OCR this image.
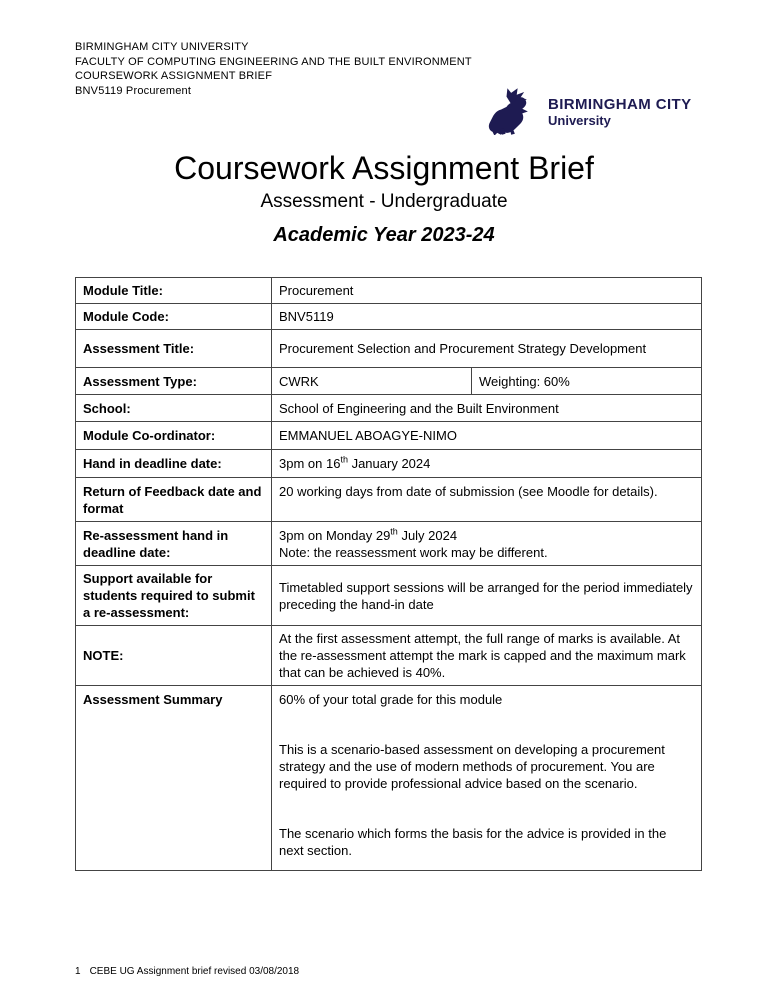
BIRMINGHAM CITY UNIVERSITY
FACULTY OF COMPUTING ENGINEERING AND THE BUILT ENVIRONMENT
COURSEWORK ASSIGNMENT BRIEF
BNV5119 Procurement
BIRMINGHAM CITY
University
Coursework Assignment Brief
Assessment - Undergraduate
Academic Year 2023-24
Module Title:	Procurement	
Module Code:	BNV5119	
Assessment Title:	Procurement Selection and Procurement Strategy Development	
Assessment Type:	CWRK	Weighting: 60%
School:	School of Engineering and the Built Environment	
Module Co-ordinator:	EMMANUEL ABOAGYE-NIMO	
Hand in deadline date:	3pm on 16th January 2024	
Return of Feedback date and format	20 working days from date of submission (see Moodle for details).	
Re-assessment hand in deadline date:	3pm on Monday 29th July 2024
Note: the reassessment work may be different.	

Support available for students required to submit a re-assessment:	Timetabled support sessions will be arranged for the period immediately preceding the hand-in date	
NOTE:	At the first assessment attempt, the full range of marks is available. At the re-assessment attempt the mark is capped and the maximum mark that can be achieved is 40%.	
Assessment Summary	60% of your total grade for this module
This is a scenario-based assessment on developing a procurement strategy and the use of modern methods of procurement. You are required to provide professional advice based on the scenario.
The scenario which forms the basis for the advice is provided in the next section.	
1 CEBE UG Assignment brief revised 03/08/2018
